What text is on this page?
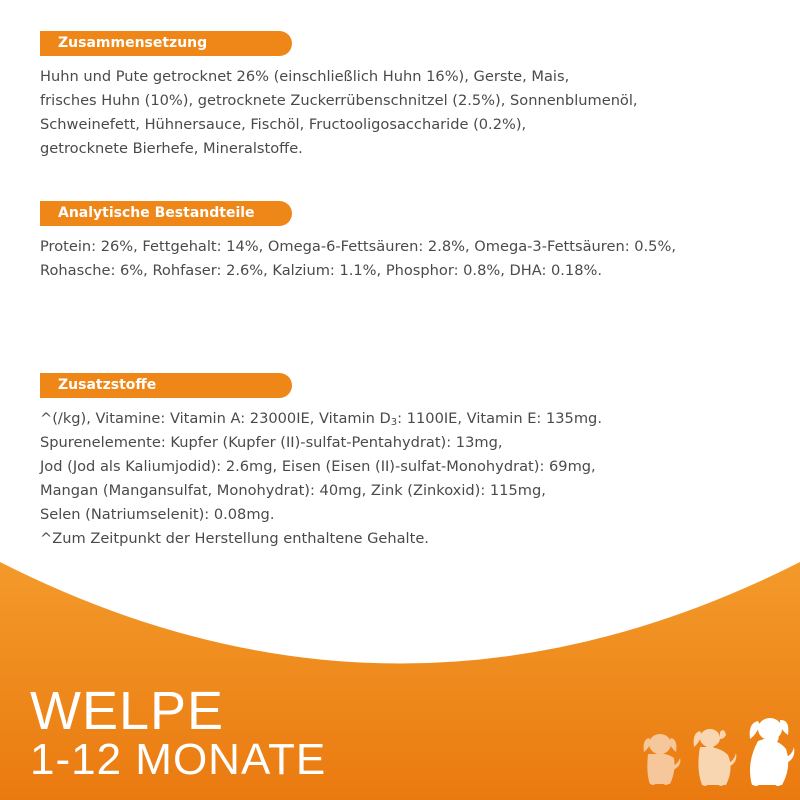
Zusammensetzung
Huhn und Pute getrocknet 26% (einschließlich Huhn 16%), Gerste, Mais,
frisches Huhn (10%), getrocknete Zuckerrübenschnitzel (2.5%), Sonnenblumenöl,
Schweinefett, Hühnersauce, Fischöl, Fructooligosaccharide (0.2%),
getrocknete Bierhefe, Mineralstoffe.
Analytische Bestandteile
Protein: 26%, Fettgehalt: 14%, Omega-6-Fettsäuren: 2.8%, Omega-3-Fettsäuren: 0.5%,
Rohasche: 6%, Rohfaser: 2.6%, Kalzium: 1.1%, Phosphor: 0.8%, DHA: 0.18%.
Zusatzstoffe
^(/kg), Vitamine: Vitamin A: 23000IE, Vitamin $D_3$: 1100IE, Vitamin E: 135mg.
Spurenelemente: Kupfer (Kupfer (II)-sulfat-Pentahydrat): 13mg,
Jod (Jod als Kaliumjodid): 2.6mg, Eisen (Eisen (II)-sulfat-Monohydrat): 69mg,
Mangan (Mangansulfat, Monohydrat): 40mg, Zink (Zinkoxid): 115mg,
Selen (Natriumselenit): 0.08mg.
^Zum Zeitpunkt der Herstellung enthaltene Gehalte.
WELPE
1-12 MONATE
